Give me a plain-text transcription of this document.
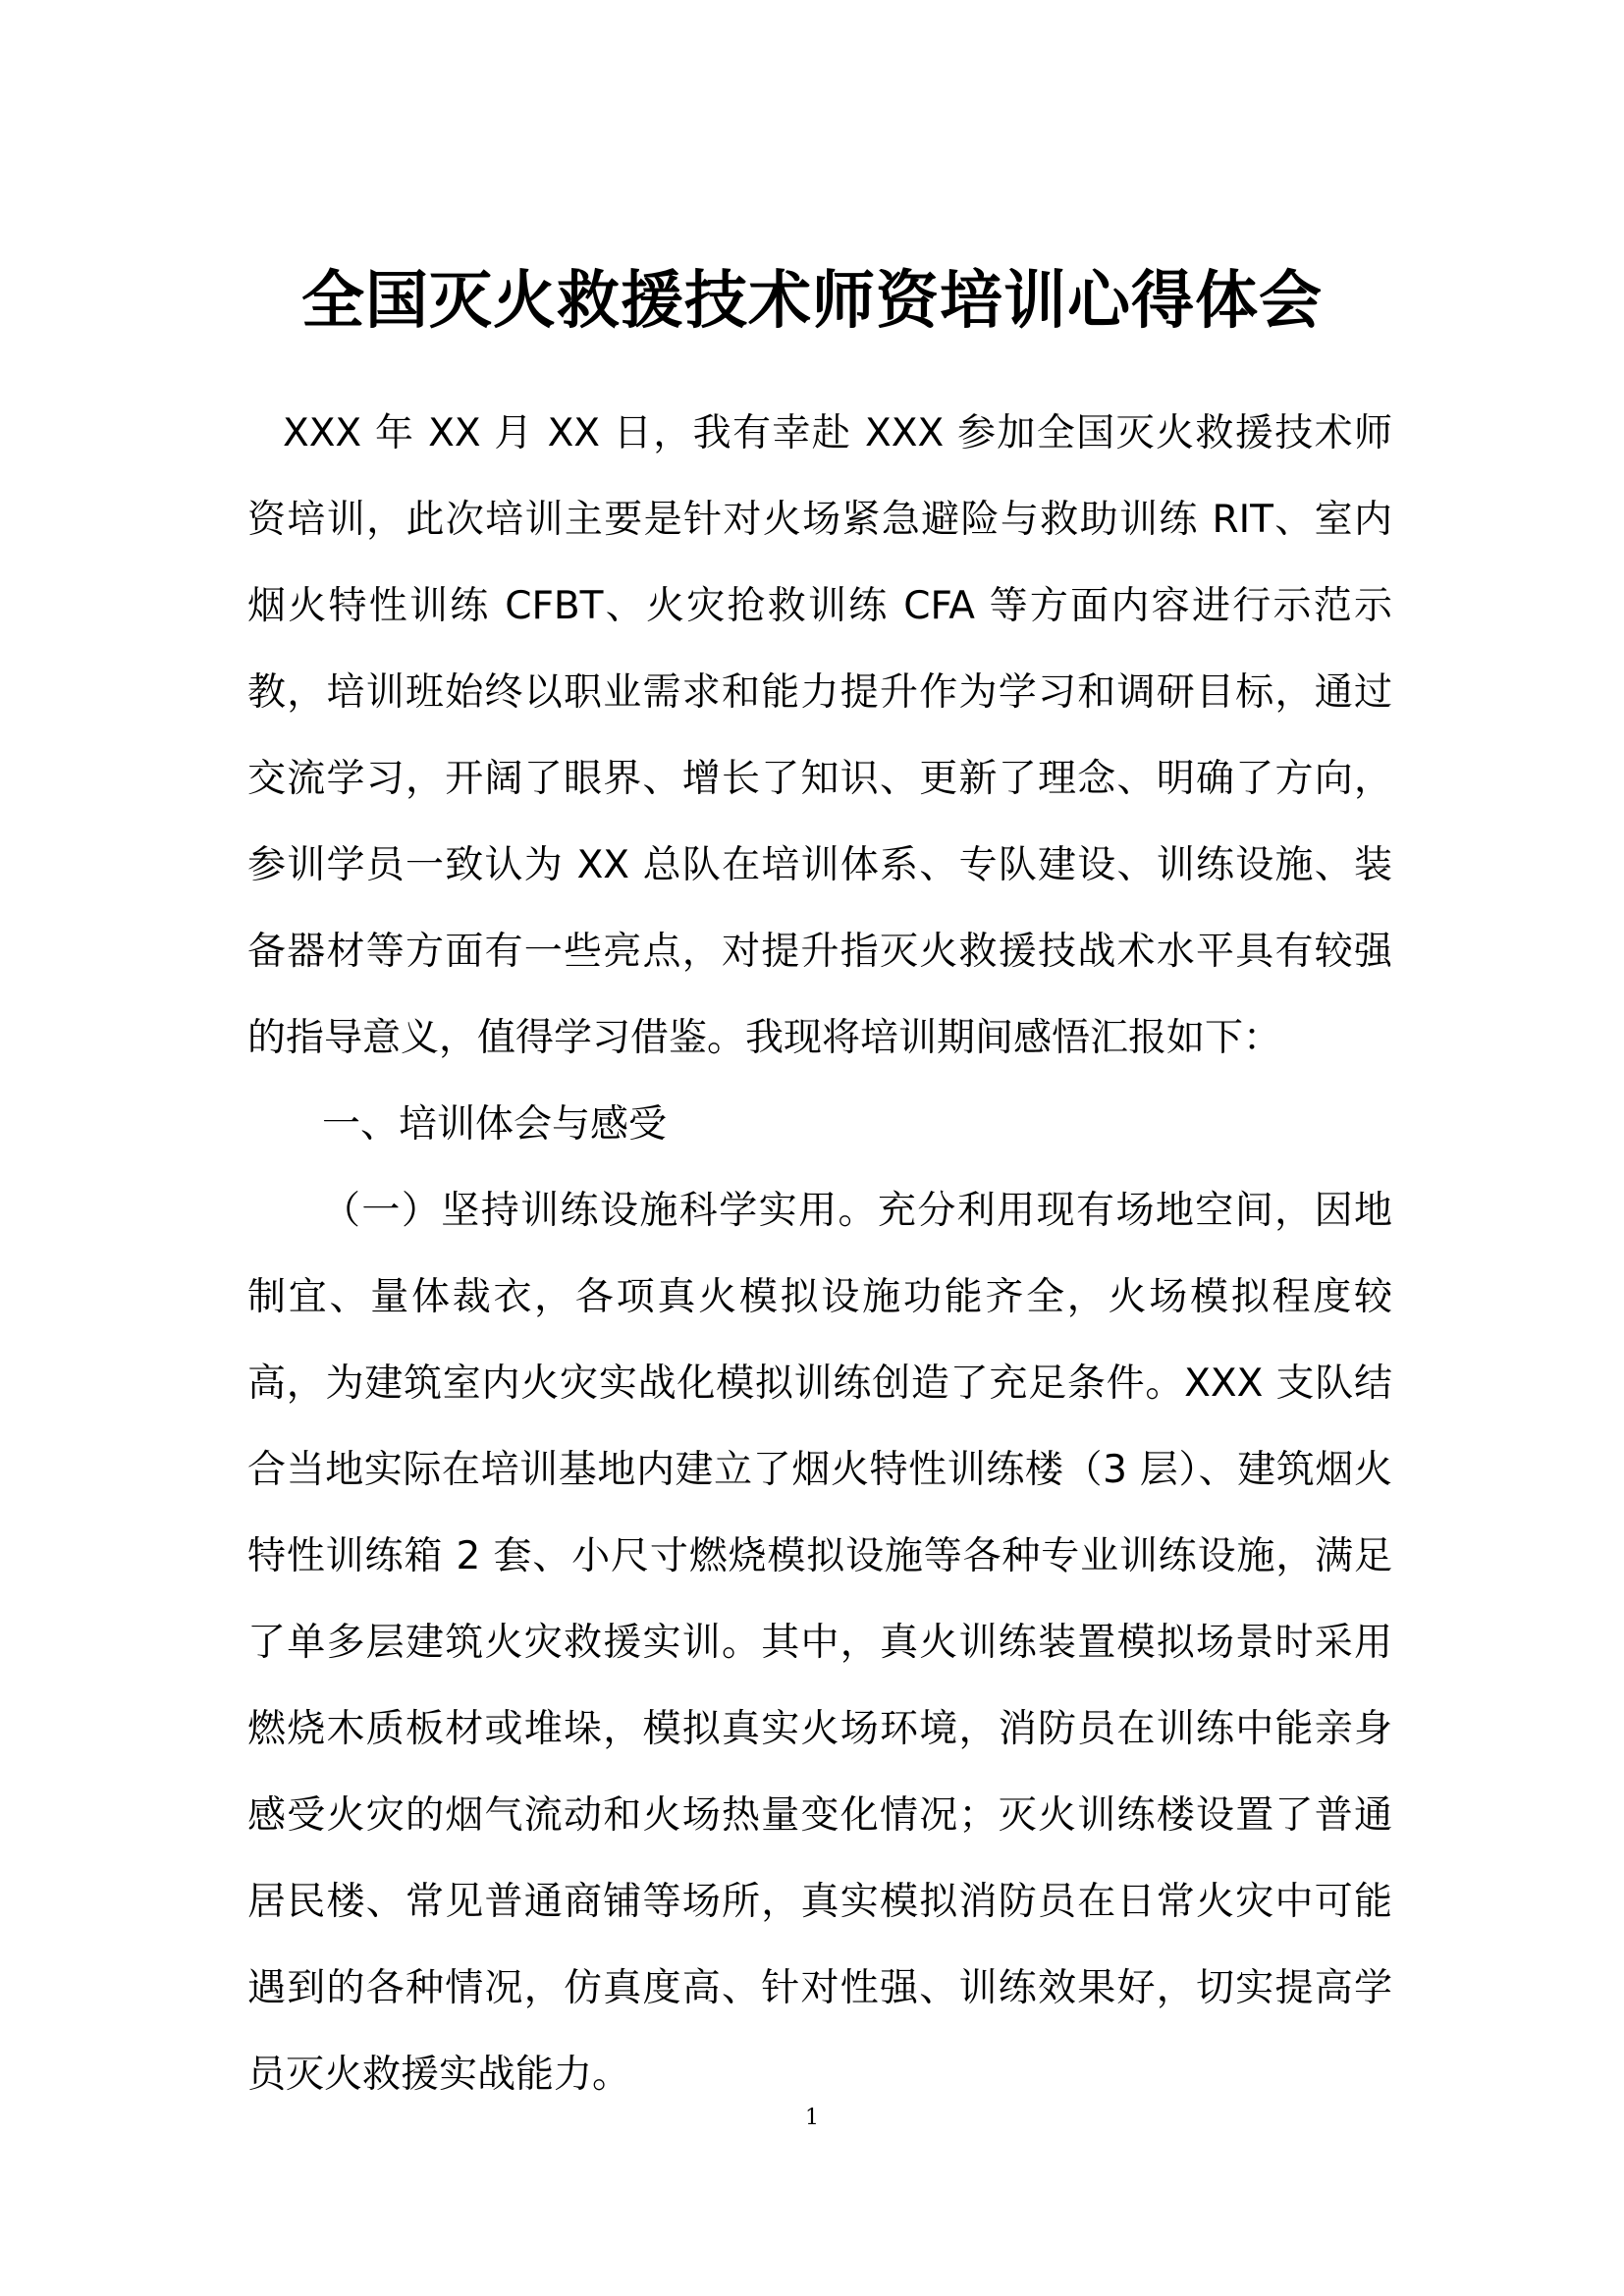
全国灭火救援技术师资培训心得体会

XXX 年 XX 月 XX 日，我有幸赴 XXX 参加全国灭火救援技术师资培训，此次培训主要是针对火场紧急避险与救助训练 RIT、室内烟火特性训练 CFBT、火灾抢救训练 CFA 等方面内容进行示范示教，培训班始终以职业需求和能力提升作为学习和调研目标，通过交流学习，开阔了眼界、增长了知识、更新了理念、明确了方向，参训学员一致认为 XX 总队在培训体系、专队建设、训练设施、装备器材等方面有一些亮点，对提升指灭火救援技战术水平具有较强的指导意义，值得学习借鉴。我现将培训期间感悟汇报如下：

一、培训体会与感受

（一）坚持训练设施科学实用。充分利用现有场地空间，因地制宜、量体裁衣，各项真火模拟设施功能齐全，火场模拟程度较高，为建筑室内火灾实战化模拟训练创造了充足条件。XXX 支队结合当地实际在培训基地内建立了烟火特性训练楼（3 层）、建筑烟火特性训练箱 2 套、小尺寸燃烧模拟设施等各种专业训练设施，满足了单多层建筑火灾救援实训。其中，真火训练装置模拟场景时采用燃烧木质板材或堆垛，模拟真实火场环境，消防员在训练中能亲身感受火灾的烟气流动和火场热量变化情况；灭火训练楼设置了普通居民楼、常见普通商铺等场所，真实模拟消防员在日常火灾中可能遇到的各种情况，仿真度高、针对性强、训练效果好，切实提高学员灭火救援实战能力。

1
